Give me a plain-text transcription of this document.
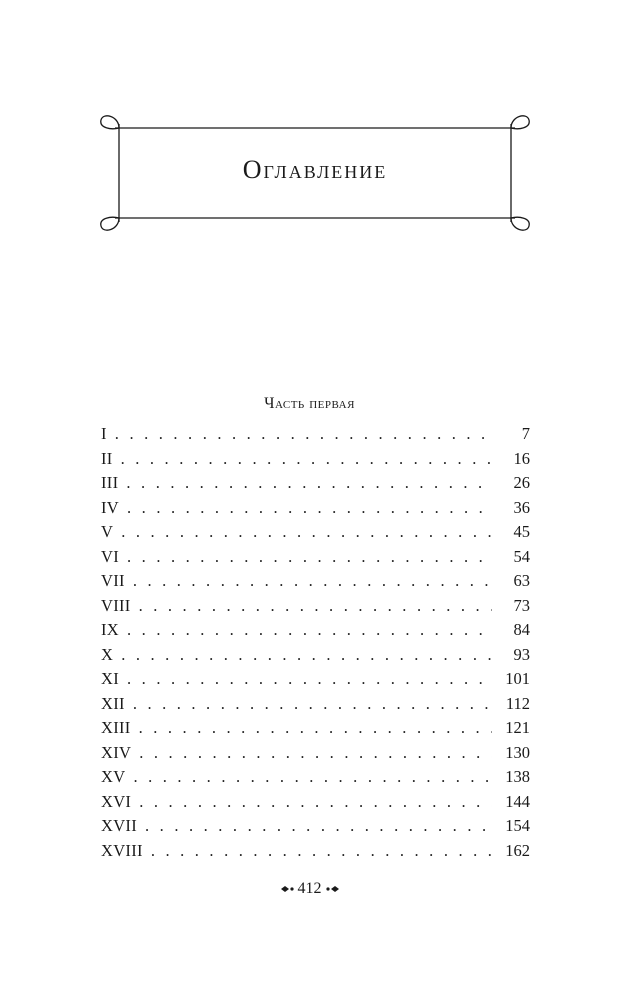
Оглавление
Часть первая
I . . .	7
II . . .	16
III . . .	26
IV . . .	36
V . . .	45
VI . . .	54
VII . . .	63
VIII . . .	73
IX . . .	84
X . . .	93
XI . . .	101
XII . . .	112
XIII . . .	121
XIV . . .	130
XV . . .	138
XVI . . .	144
XVII . . .	154
XVIII . . .	162
412
